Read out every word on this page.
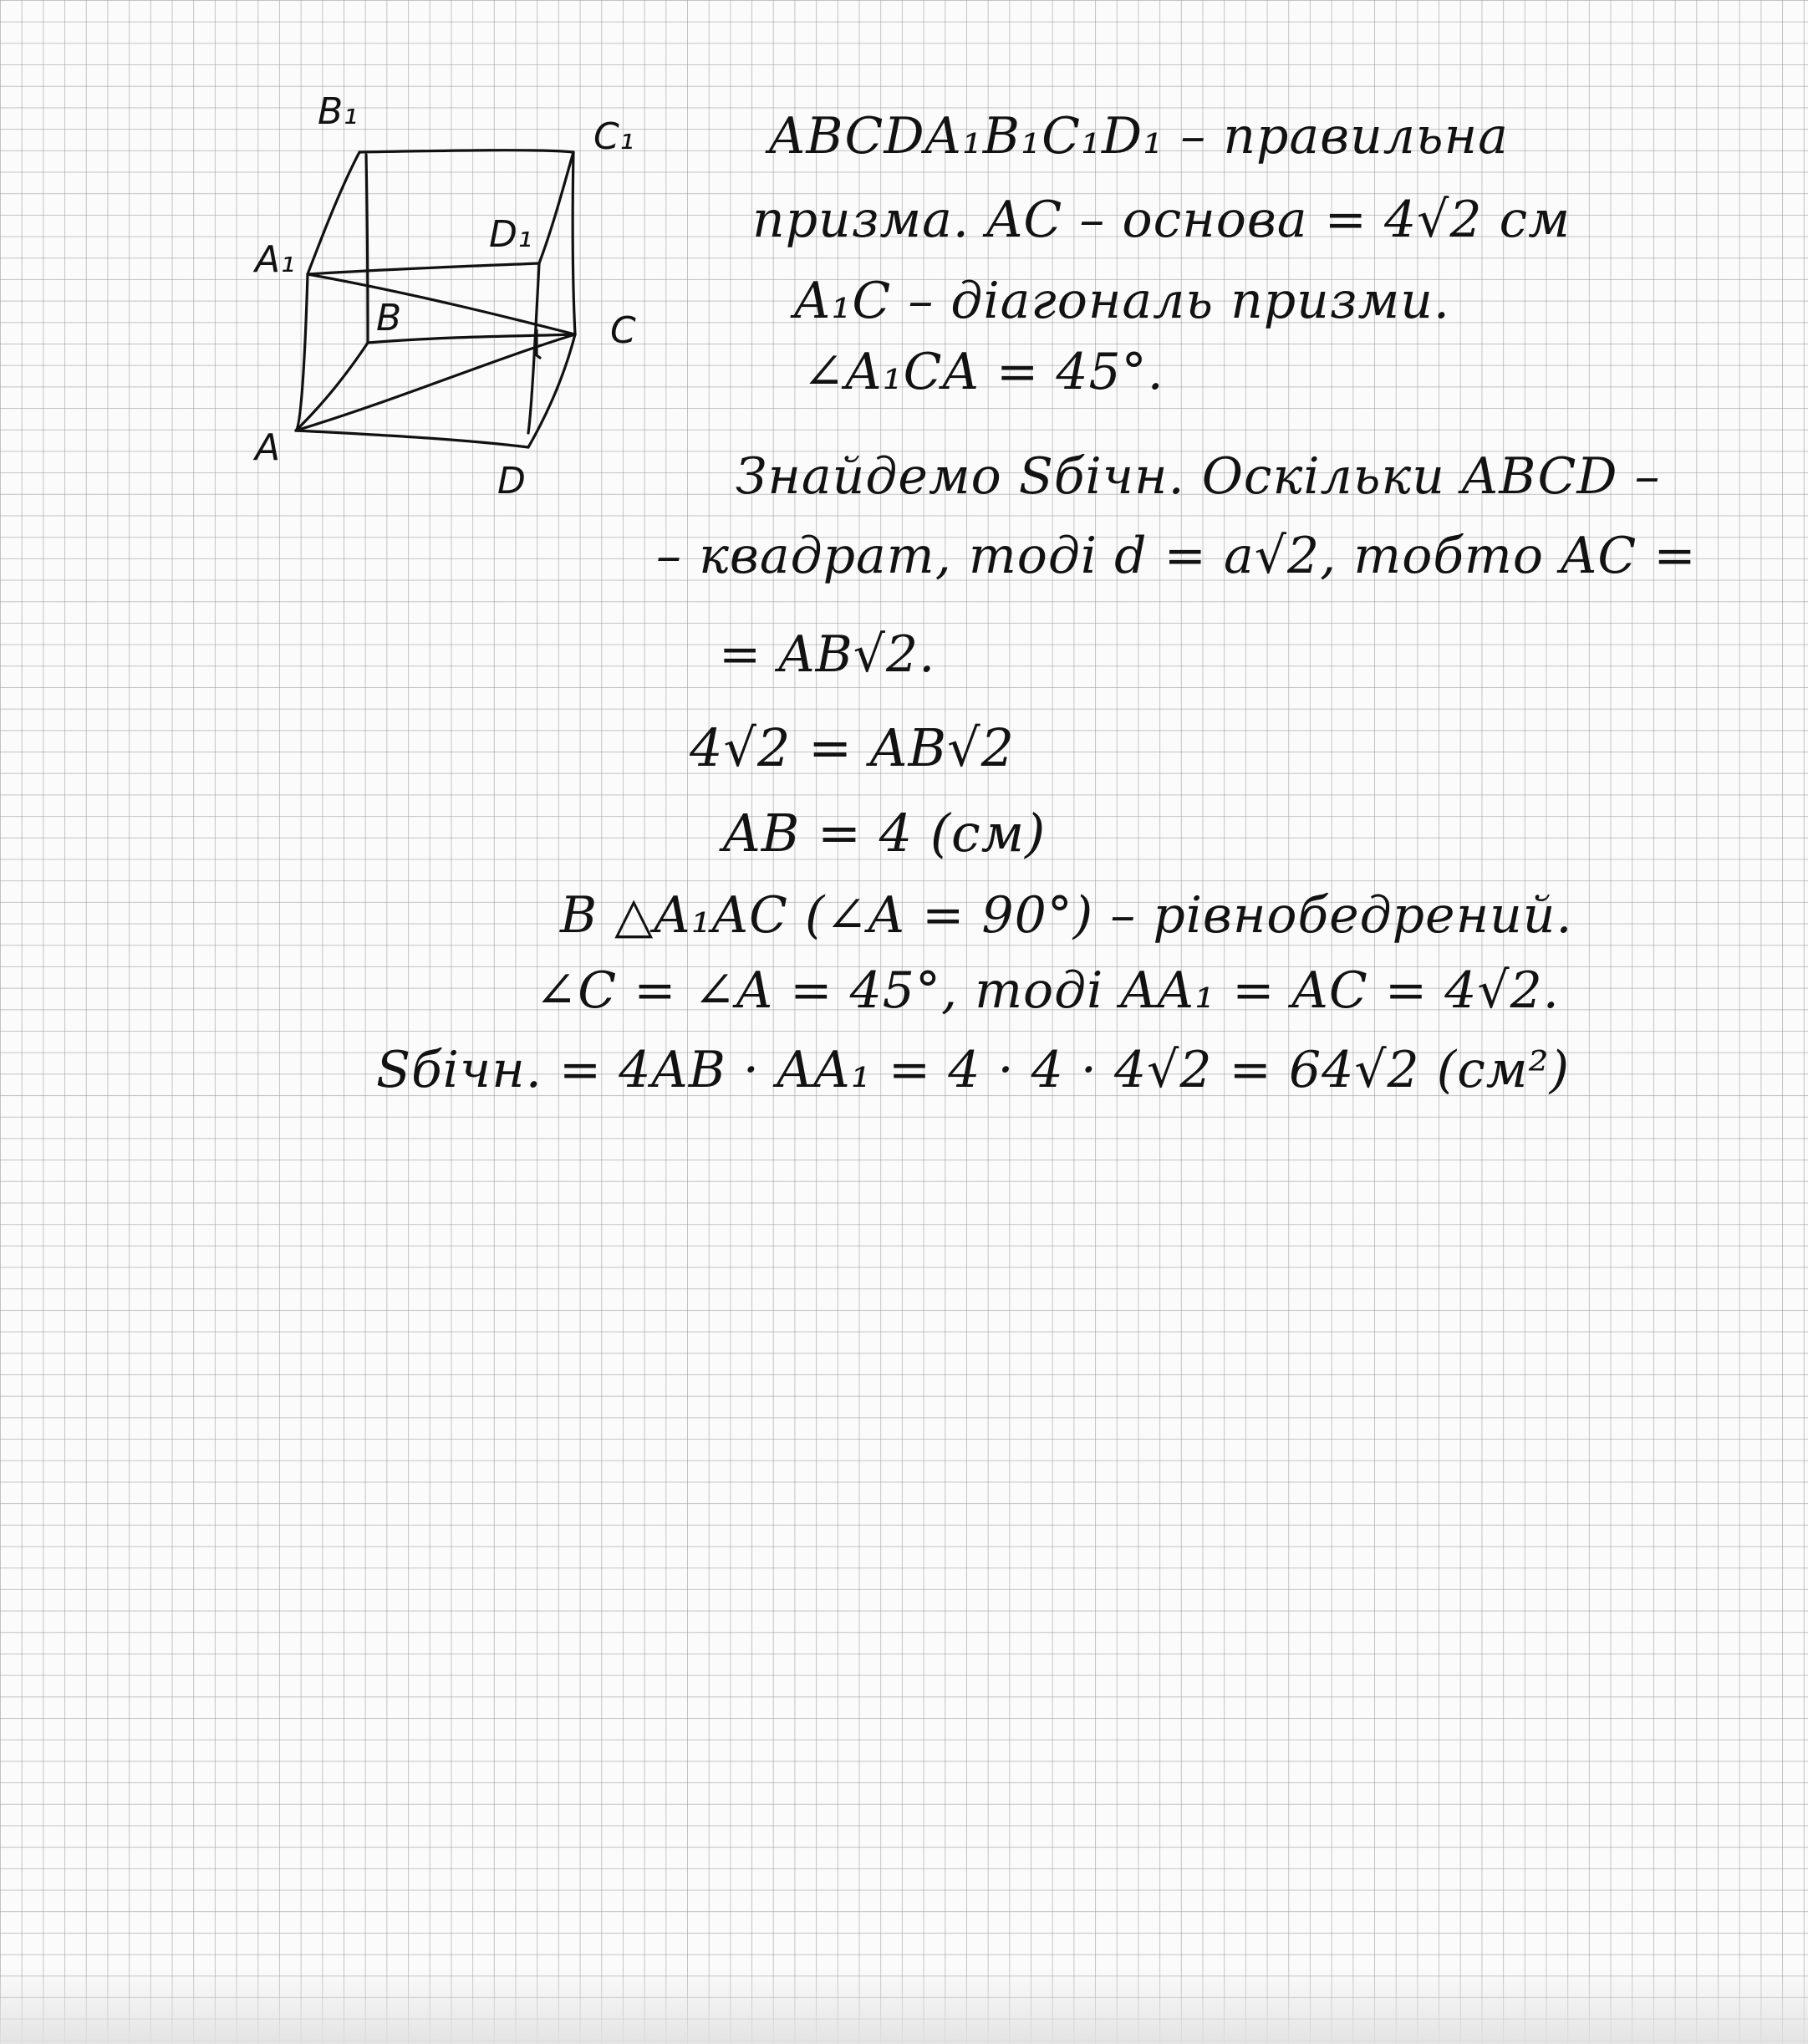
B₁
C₁
A₁
D₁
B	C
A
D
ABCDA₁B₁C₁D₁ – правильна
призма. AC – основа = 4√2 см
A₁C – діагональ призми.
∠A₁CA = 45°.
Знайдемо Sбічн. Оскільки ABCD –
– квадрат, тоді d = a√2, тобто AC =
= AB√2.
4√2 = AB√2
AB = 4 (см)
B △A₁AC (∠A = 90°) – рівнобедрений.
∠C = ∠A = 45°, тоді AA₁ = AC = 4√2.
Sбічн. = 4AB · AA₁ = 4 · 4 · 4√2 = 64√2 (см²)
